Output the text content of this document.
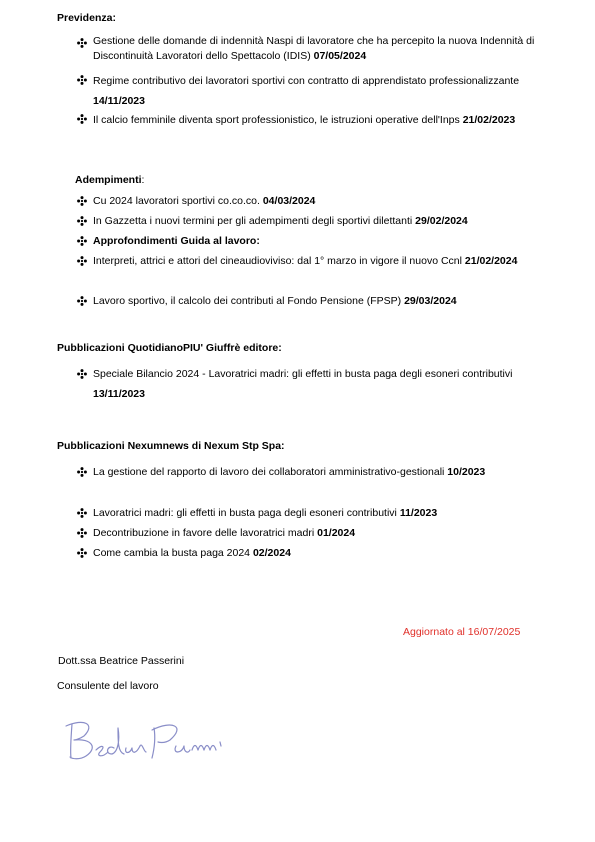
Previdenza:
Gestione delle domande di indennità Naspi di lavoratore che ha percepito la nuova Indennità di Discontinuità Lavoratori dello Spettacolo (IDIS) 07/05/2024
Regime contributivo dei lavoratori sportivi con contratto di apprendistato professionalizzante 14/11/2023
Il calcio femminile diventa sport professionistico, le istruzioni operative dell'Inps 21/02/2023
Adempimenti:
Cu 2024 lavoratori sportivi co.co.co. 04/03/2024
In Gazzetta i nuovi termini per gli adempimenti degli sportivi dilettanti 29/02/2024
Approfondimenti Guida al lavoro:
Interpreti, attrici e attori del cineaudioviviso: dal 1° marzo in vigore il nuovo Ccnl 21/02/2024
Lavoro sportivo, il calcolo dei contributi al Fondo Pensione (FPSP) 29/03/2024
Pubblicazioni QuotidianoPIU' Giuffrè editore:
Speciale Bilancio 2024 - Lavoratrici madri: gli effetti in busta paga degli esoneri contributivi 13/11/2023
Pubblicazioni Nexumnews di Nexum Stp Spa:
La gestione del rapporto di lavoro dei collaboratori amministrativo-gestionali 10/2023
Lavoratrici madri: gli effetti in busta paga degli esoneri contributivi 11/2023
Decontribuzione in favore delle lavoratrici madri 01/2024
Come cambia la busta paga 2024 02/2024
Aggiornato al 16/07/2025
Dott.ssa Beatrice Passerini
Consulente del lavoro
